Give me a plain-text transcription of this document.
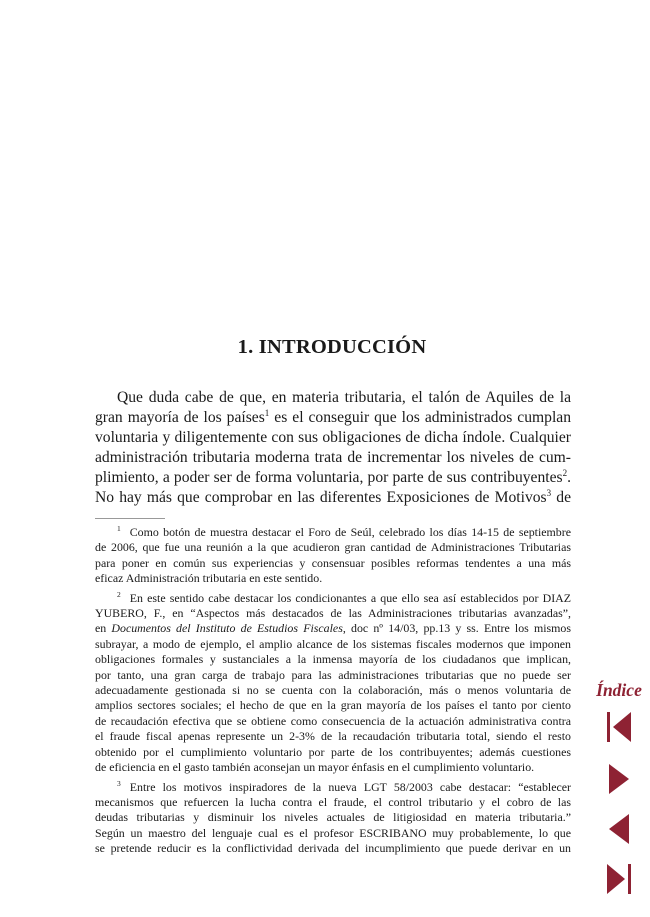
1. INTRODUCCIÓN

Que duda cabe de que, en materia tributaria, el talón de Aquiles de la
gran mayoría de los países$^1$ es el conseguir que los administrados cumplan
voluntaria y diligentemente con sus obligaciones de dicha índole. Cualquier
administración tributaria moderna trata de incrementar los niveles de cum-
plimiento, a poder ser de forma voluntaria, por parte de sus contribuyentes$^2$.
No hay más que comprobar en las diferentes Exposiciones de Motivos$^3$ de

$^1$ Como botón de muestra destacar el Foro de Seúl, celebrado los días 14-15 de septiembre
de 2006, que fue una reunión a la que acudieron gran cantidad de Administraciones Tributarias
para poner en común sus experiencias y consensuar posibles reformas tendentes a una más
eficaz Administración tributaria en este sentido.

$^2$ En este sentido cabe destacar los condicionantes a que ello sea así establecidos por DIAZ
YUBERO, F., en “Aspectos más destacados de las Administraciones tributarias avanzadas”,
en Documentos del Instituto de Estudios Fiscales, doc nº 14/03, pp.13 y ss. Entre los mismos
subrayar, a modo de ejemplo, el amplio alcance de los sistemas fiscales modernos que imponen
obligaciones formales y sustanciales a la inmensa mayoría de los ciudadanos que implican,
por tanto, una gran carga de trabajo para las administraciones tributarias que no puede ser
adecuadamente gestionada si no se cuenta con la colaboración, más o menos voluntaria de
amplios sectores sociales; el hecho de que en la gran mayoría de los países el tanto por ciento
de recaudación efectiva que se obtiene como consecuencia de la actuación administrativa contra
el fraude fiscal apenas represente un 2-3% de la recaudación tributaria total, siendo el resto
obtenido por el cumplimiento voluntario por parte de los contribuyentes; además cuestiones
de eficiencia en el gasto también aconsejan un mayor énfasis en el cumplimiento voluntario.

$^3$ Entre los motivos inspiradores de la nueva LGT 58/2003 cabe destacar: “establecer
mecanismos que refuercen la lucha contra el fraude, el control tributario y el cobro de las
deudas tributarias y disminuir los niveles actuales de litigiosidad en materia tributaria.”
Según un maestro del lenguaje cual es el profesor ESCRIBANO muy probablemente, lo que
se pretende reducir es la conflictividad derivada del incumplimiento que puede derivar en un

Índice
